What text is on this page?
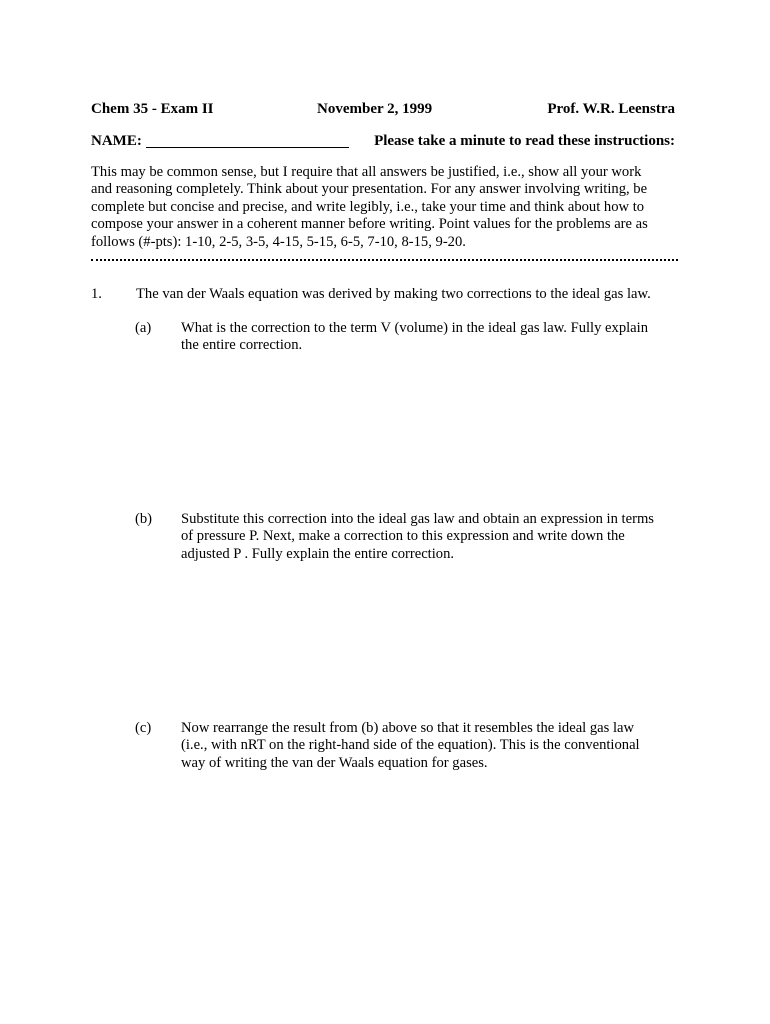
Chem 35 - Exam II	November 2, 1999	Prof. W.R. Leenstra
NAME:	Please take a minute to read these instructions:
This may be common sense, but I require that all answers be justified, i.e., show all your work
and reasoning completely. Think about your presentation. For any answer involving writing, be
complete but concise and precise, and write legibly, i.e., take your time and think about how to
compose your answer in a coherent manner before writing. Point values for the problems are as
follows (#-pts): 1-10, 2-5, 3-5, 4-15, 5-15, 6-5, 7-10, 8-15, 9-20.
1. The van der Waals equation was derived by making two corrections to the ideal gas law.
(a) What is the correction to the term V (volume) in the ideal gas law. Fully explain
the entire correction.
(b) Substitute this correction into the ideal gas law and obtain an expression in terms
of pressure P. Next, make a correction to this expression and write down the
adjusted P . Fully explain the entire correction.
(c) Now rearrange the result from (b) above so that it resembles the ideal gas law
(i.e., with nRT on the right-hand side of the equation). This is the conventional
way of writing the van der Waals equation for gases.
